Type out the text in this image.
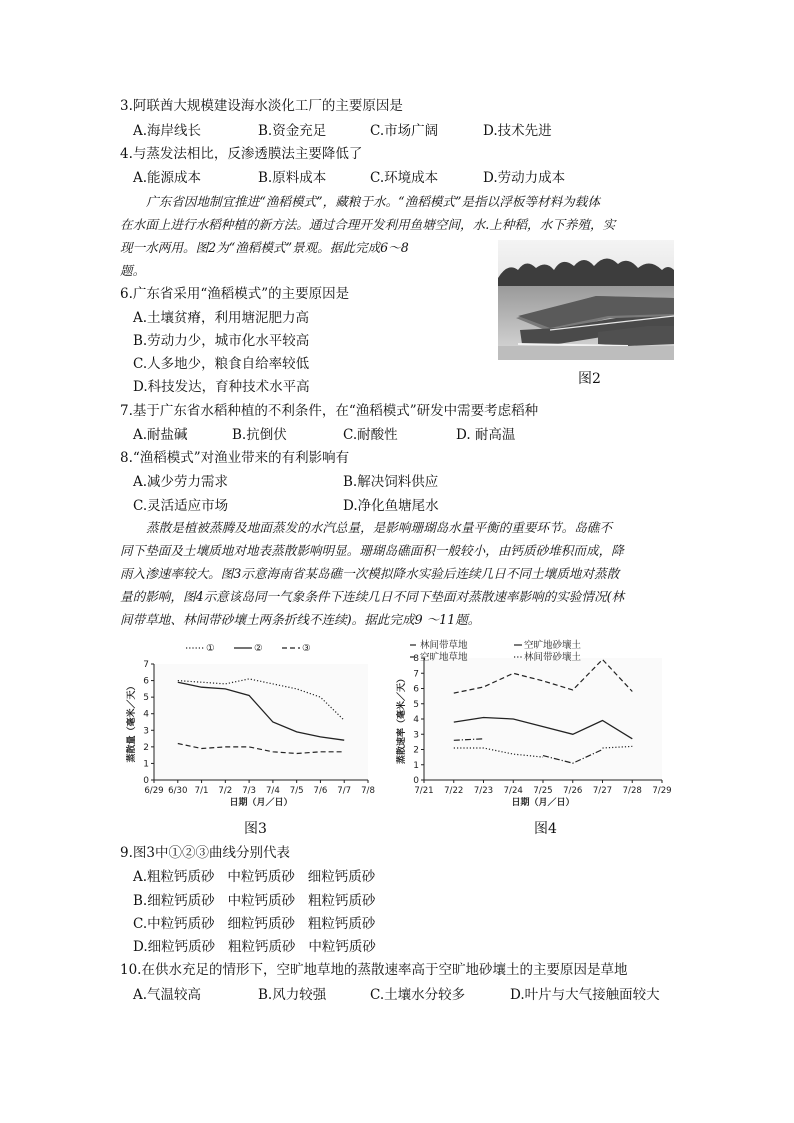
3.阿联酋大规模建设海水淡化工厂的主要原因是
A.海岸线长	B.资金充足	C.市场广阔	D.技术先进
4.与蒸发法相比，反渗透膜法主要降低了
A.能源成本	B.原料成本	C.环境成本	D.劳动力成本
广东省因地制宜推进“渔稻模式”，藏粮于水。“渔稻模式”是指以浮板等材料为载体
在水面上进行水稻种植的新方法。通过合理开发利用鱼塘空间，水.上种稻，水下养殖，实
现一水两用。图2为“渔稻模式”景观。据此完成6～8
题。
图2
6.广东省采用“渔稻模式”的主要原因是
A.土壤贫瘠，利用塘泥肥力高
B.劳动力少，城市化水平较高
C.人多地少，粮食自给率较低
D.科技发达，育种技术水平高
7.基于广东省水稻种植的不利条件，在“渔稻模式”研发中需要考虑稻种
A.耐盐碱	B.抗倒伏	C.耐酸性	D. 耐高温
8.“渔稻模式”对渔业带来的有利影响有
A.减少劳力需求	B.解决饲料供应
C.灵活适应市场	D.净化鱼塘尾水
蒸散是植被蒸腾及地面蒸发的水汽总量，是影响珊瑚岛水量平衡的重要环节。岛礁不
同下垫面及土壤质地对地表蒸散影响明显。珊瑚岛礁面积一般较小，由钙质砂堆积而成，降
雨入渗速率较大。图3示意海南省某岛礁一次模拟降水实验后连续几日不同土壤质地对蒸散
量的影响，图4示意该岛同一气象条件下连续几日不同下垫面对蒸散速率影响的实验情况(林
间带草地、林间带砂壤土两条折线不连续)。据此完成9 ～11题。
0
1
2
3
4
5
6
7
6/29 6/30 7/1 7/2 7/3 7/4 7/5 7/6 7/7 7/8
日期（月／日）
蒸散量（毫米／天）
①	②	③
图3
0
1
2
3
4
5
6
7
8
7/21 7/22 7/23 7/24 7/25 7/26 7/27 7/28 7/29
日期（月／日）
蒸散速率（毫米／天）
林间带草地	空旷地砂壤土
空旷地草地	林间带砂壤土
图4
9.图3中①②③曲线分别代表
A.粗粒钙质砂   中粒钙质砂   细粒钙质砂
B.细粒钙质砂   中粒钙质砂   粗粒钙质砂
C.中粒钙质砂   细粒钙质砂   粗粒钙质砂
D.细粒钙质砂   粗粒钙质砂   中粒钙质砂
10.在供水充足的情形下，空旷地草地的蒸散速率高于空旷地砂壤土的主要原因是草地
A.气温较高	B.风力较强	C.土壤水分较多	D.叶片与大气接触面较大
